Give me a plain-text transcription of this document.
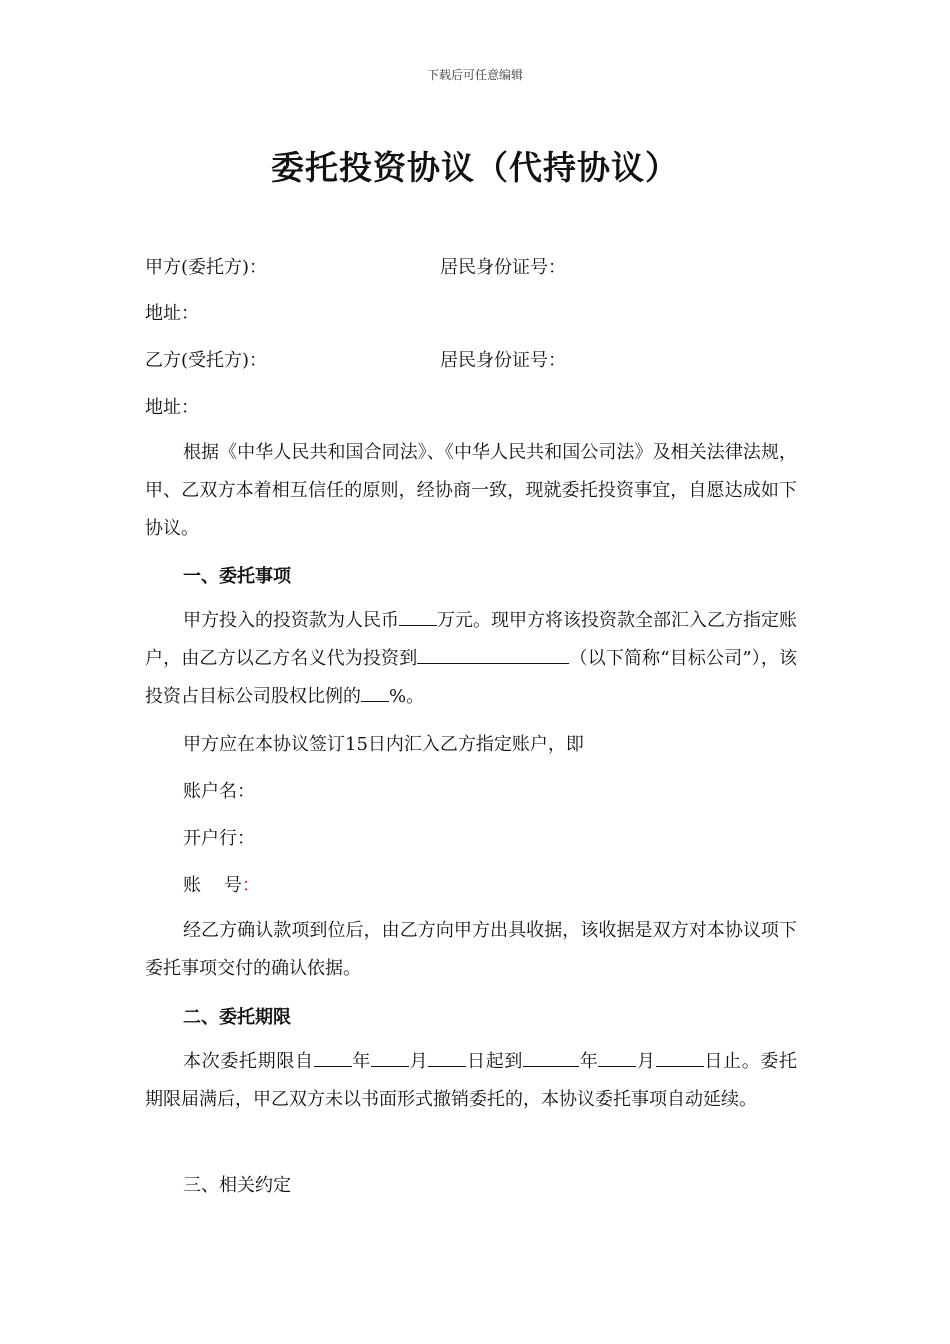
下载后可任意编辑
委托投资协议（代持协议）
甲方(委托方)：	居民身份证号：
地址：
乙方(受托方)：	居民身份证号：
地址：

根据《中华人民共和国合同法》、《中华人民共和国公司法》及相关法律法规，甲、乙双方本着相互信任的原则，经协商一致，现就委托投资事宜，自愿达成如下协议。

一、委托事项

甲方投入的投资款为人民币 万元。现甲方将该投资款全部汇入乙方指定账户，由乙方以乙方名义代为投资到	（以下简称“目标公司”），该投资占目标公司股权比例的 %。

甲方应在本协议签订15日内汇入乙方指定账户，即
账户名：
开户行：
账    号：

经乙方确认款项到位后，由乙方向甲方出具收据，该收据是双方对本协议项下委托事项交付的确认依据。

二、委托期限

本次委托期限自 年 月 日起到	年 月	日止。委托期限届满后，甲乙双方未以书面形式撤销委托的，本协议委托事项自动延续。

三、相关约定
